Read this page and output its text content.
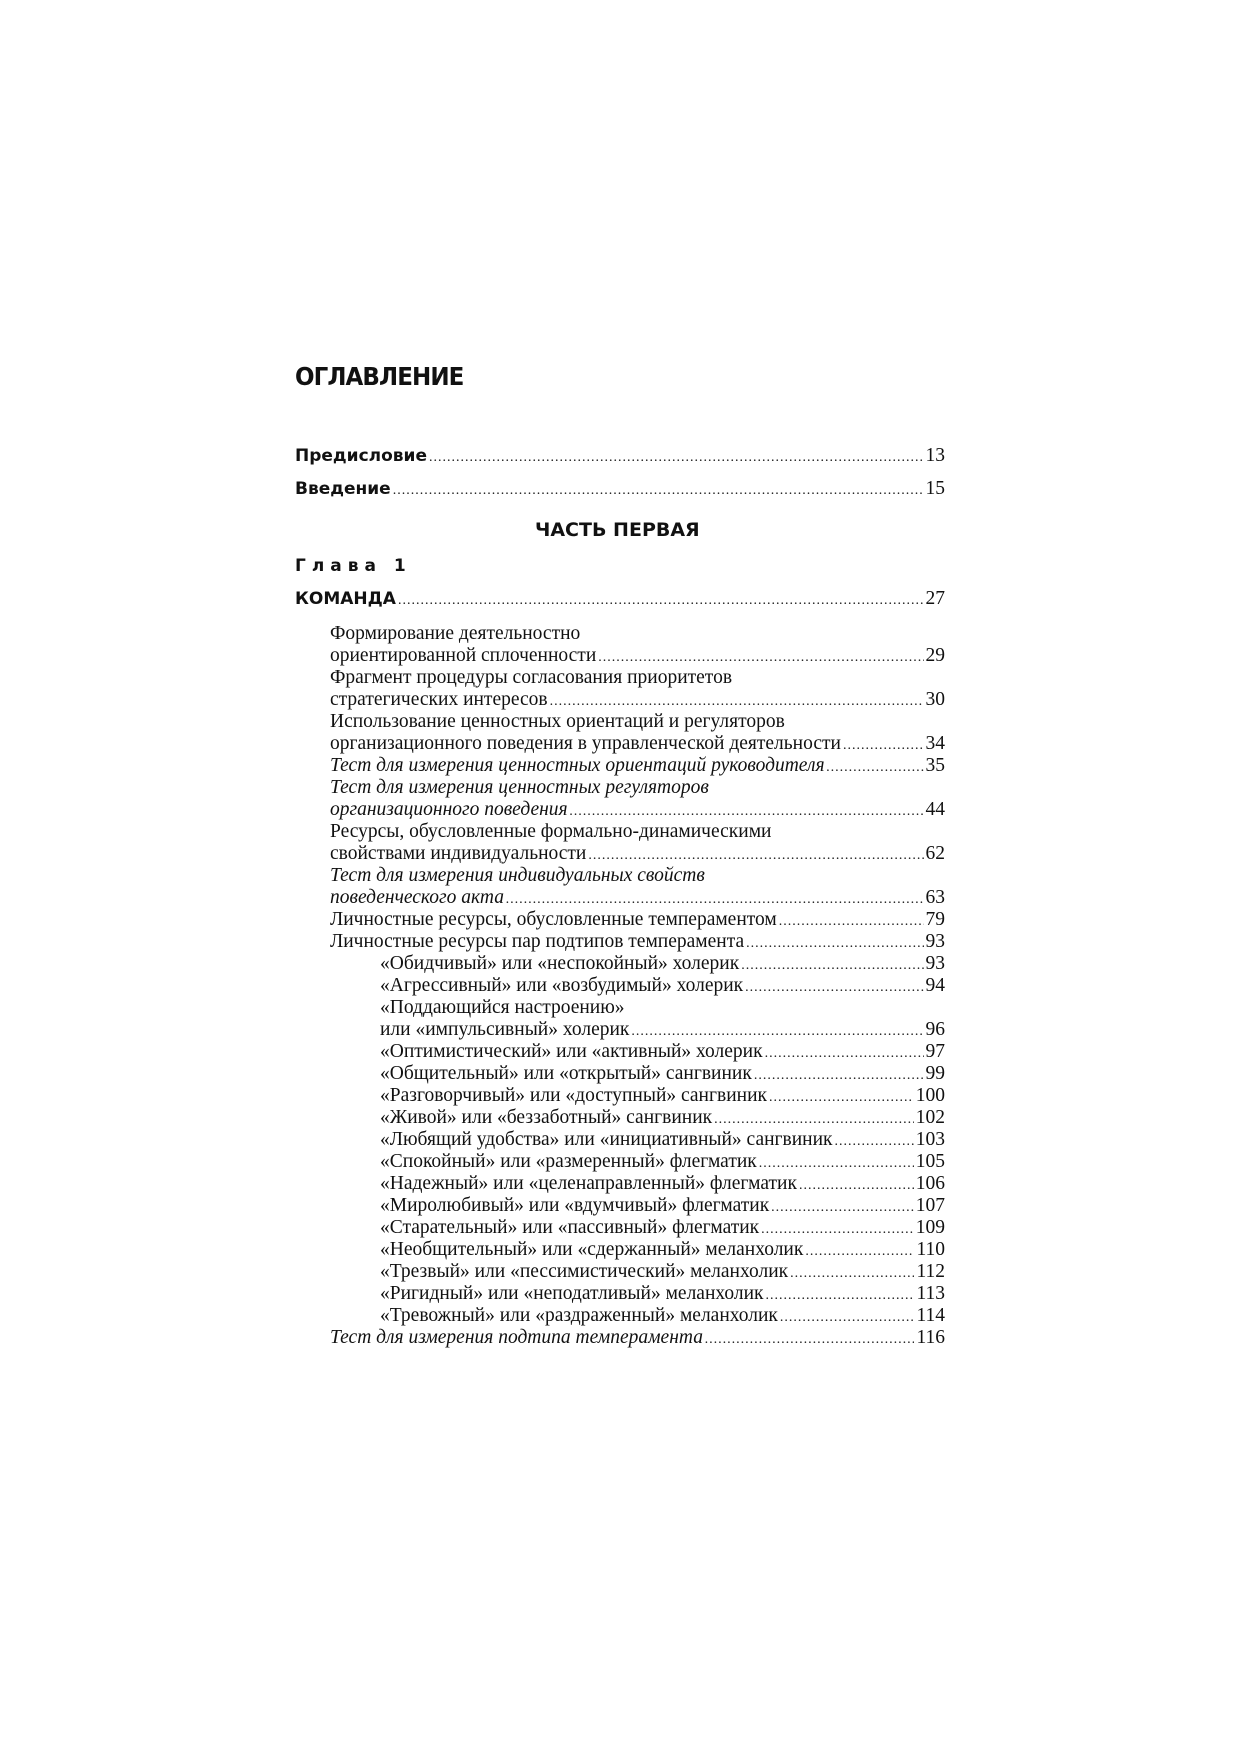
ОГЛАВЛЕНИЕ
Предисловие .....	13
Введение .....	15
ЧАСТЬ ПЕРВАЯ
Глава 1
КОМАНДА .....	27
Формирование деятельностно
ориентированной сплоченности .....	29
Фрагмент процедуры согласования приоритетов
стратегических интересов .....	30
Использование ценностных ориентаций и регуляторов
организационного поведения в управленческой деятельности .....	34
Тест для измерения ценностных ориентаций руководителя .....	35
Тест для измерения ценностных регуляторов
организационного поведения .....	44
Ресурсы, обусловленные формально-динамическими
свойствами индивидуальности .....	62
Тест для измерения индивидуальных свойств
поведенческого акта .....	63
Личностные ресурсы, обусловленные темпераментом .....	79
Личностные ресурсы пар подтипов темперамента .....	93
«Обидчивый» или «неспокойный» холерик .....	93
«Агрессивный» или «возбудимый» холерик .....	94
«Поддающийся настроению»
или «импульсивный» холерик .....	96
«Оптимистический» или «активный» холерик .....	97
«Общительный» или «открытый» сангвиник .....	99
«Разговорчивый» или «доступный» сангвиник .....	100
«Живой» или «беззаботный» сангвиник .....	102
«Любящий удобства» или «инициативный» сангвиник .....	103
«Спокойный» или «размеренный» флегматик .....	105
«Надежный» или «целенаправленный» флегматик .....	106
«Миролюбивый» или «вдумчивый» флегматик .....	107
«Старательный» или «пассивный» флегматик .....	109
«Необщительный» или «сдержанный» меланхолик .....	110
«Трезвый» или «пессимистический» меланхолик .....	112
«Ригидный» или «неподатливый» меланхолик .....	113
«Тревожный» или «раздраженный» меланхолик .....	114
Тест для измерения подтипа темперамента .....	116
